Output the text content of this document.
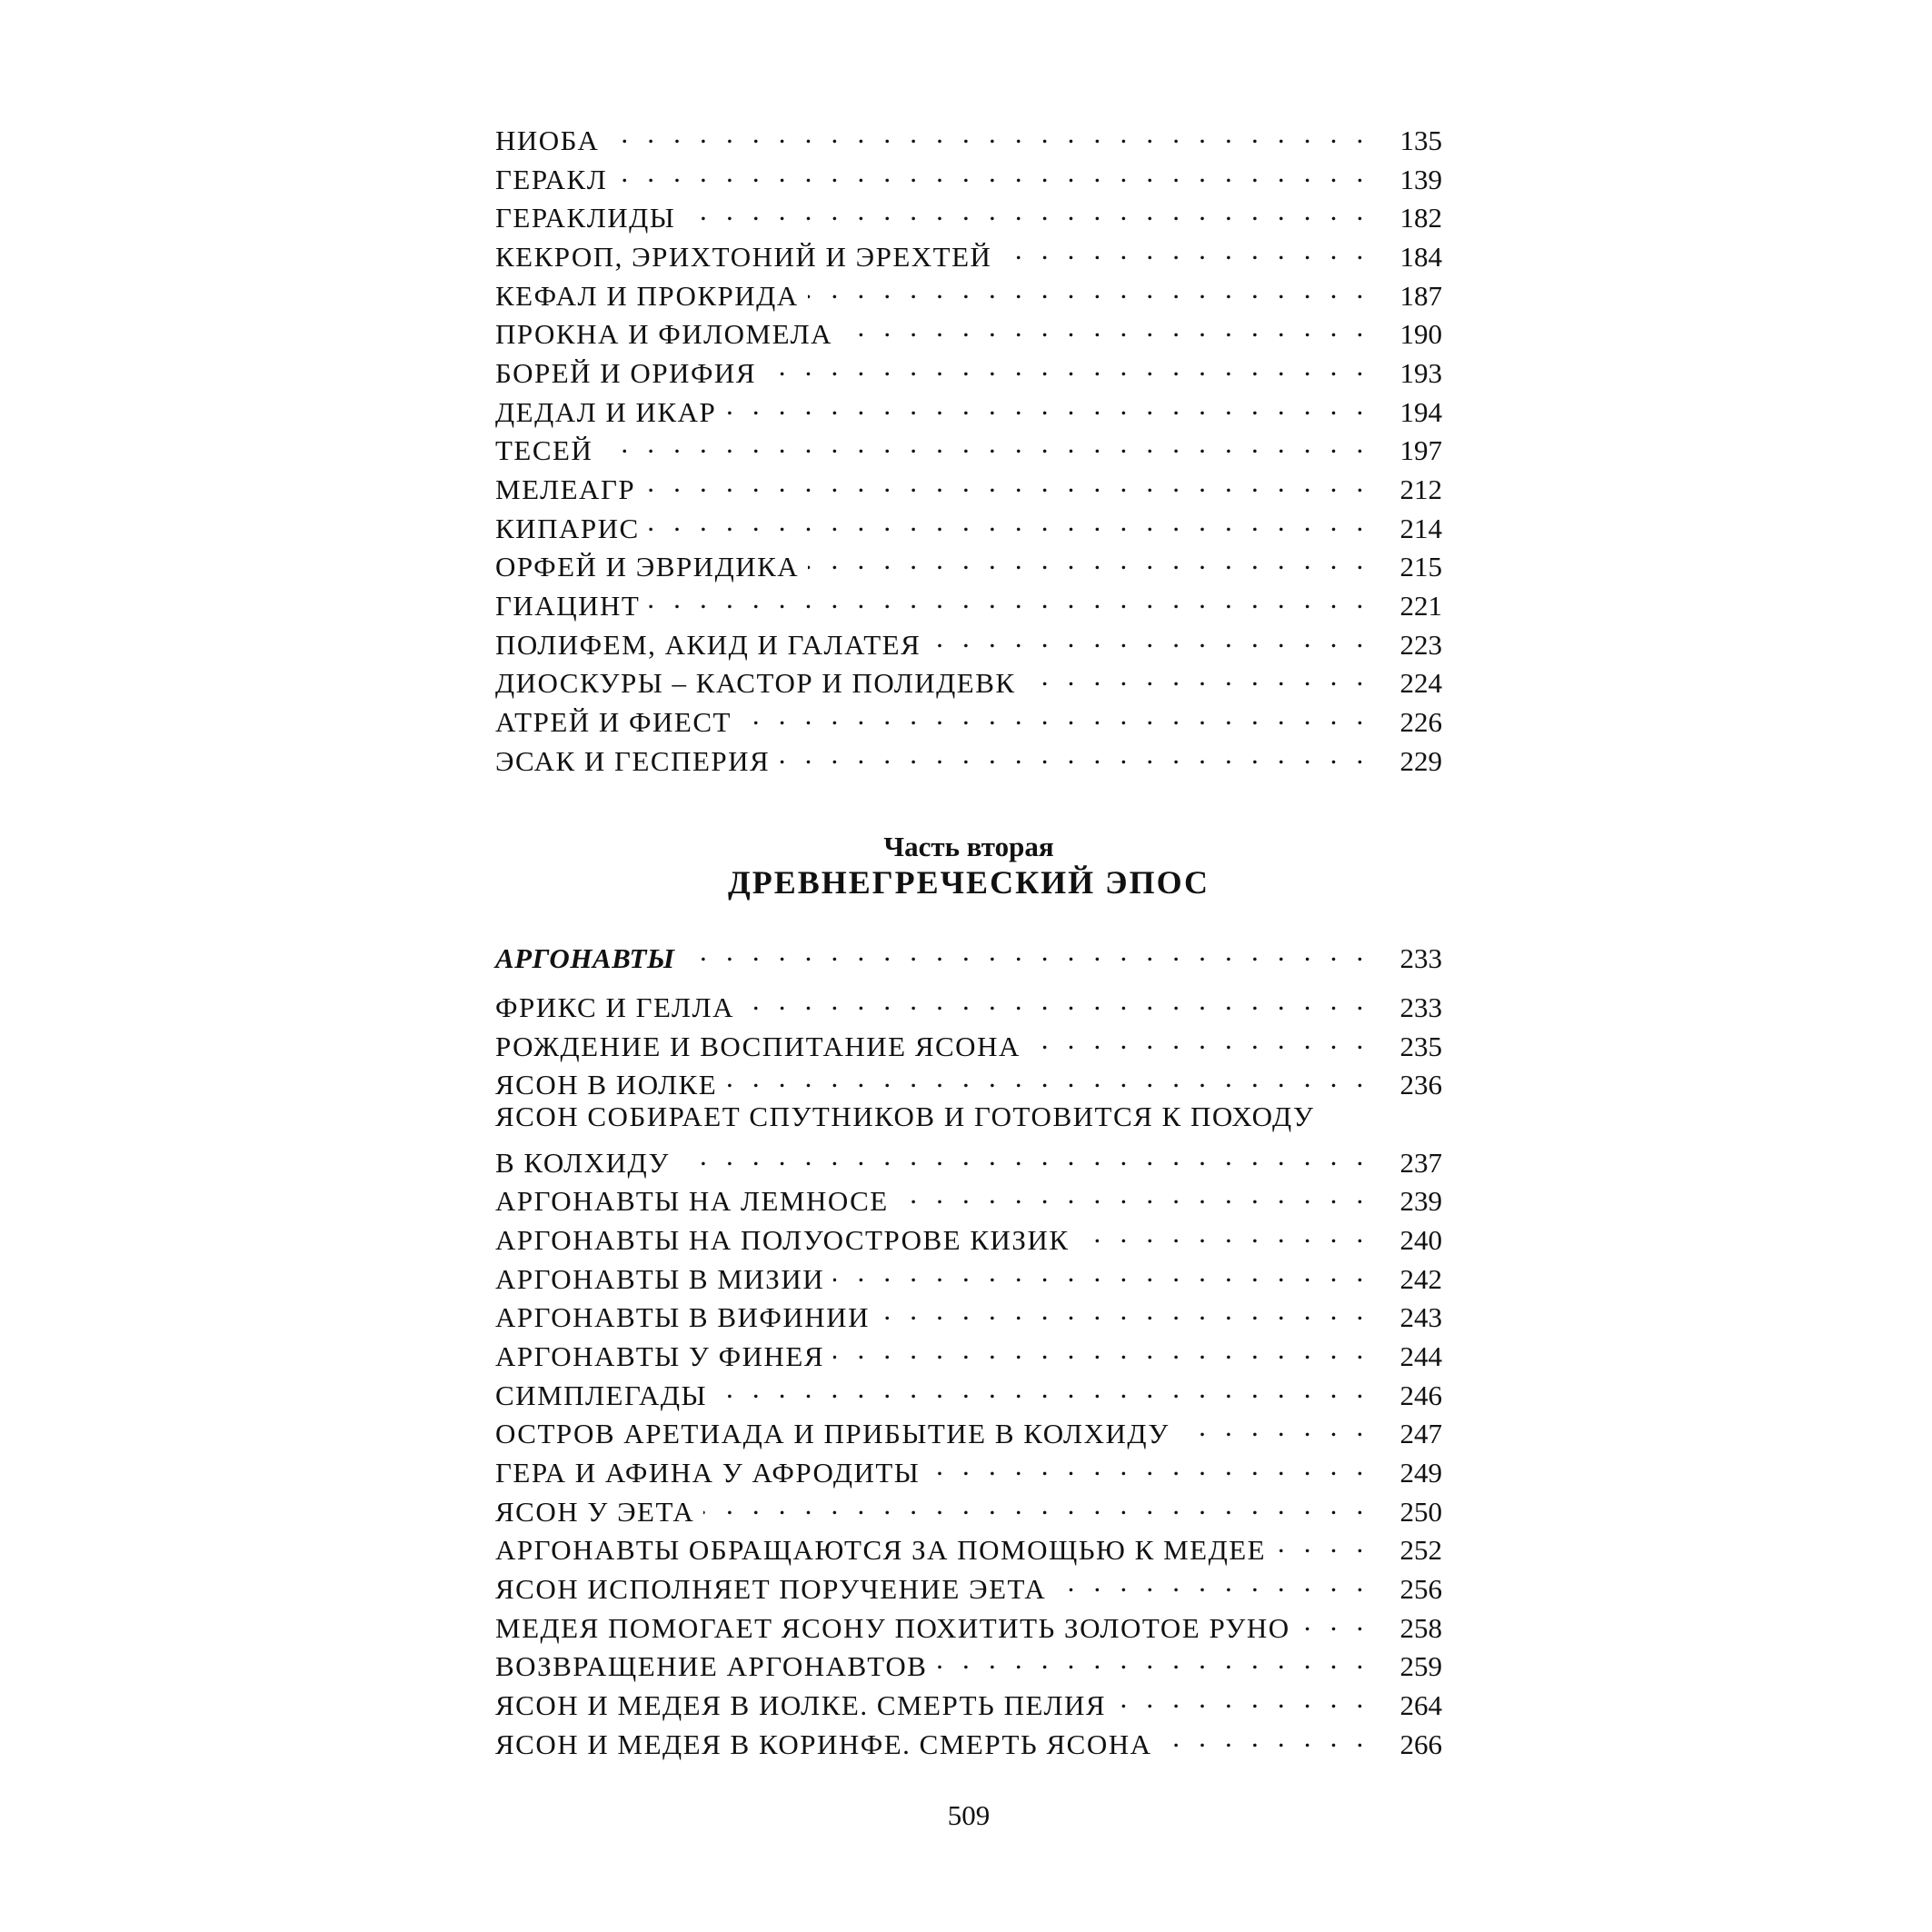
НИОБА . . .	135
ГЕРАКЛ . . .	139
ГЕРАКЛИДЫ . . .	182
КЕКРОП, ЭРИХТОНИЙ И ЭРЕХТЕЙ . . .	184
КЕФАЛ И ПРОКРИДА . . .	187
ПРОКНА И ФИЛОМЕЛА . . .	190
БОРЕЙ И ОРИФИЯ . . .	193
ДЕДАЛ И ИКАР . . .	194
ТЕСЕЙ . . .	197
МЕЛЕАГР . . .	212
КИПАРИС . . .	214
ОРФЕЙ И ЭВРИДИКА . . .	215
ГИАЦИНТ . . .	221
ПОЛИФЕМ, АКИД И ГАЛАТЕЯ . . .	223
ДИОСКУРЫ – КАСТОР И ПОЛИДЕВК . . .	224
АТРЕЙ И ФИЕСТ . . .	226
ЭСАК И ГЕСПЕРИЯ . . .	229
Часть вторая
ДРЕВНЕГРЕЧЕСКИЙ ЭПОС
АРГОНАВТЫ . . .	233
ФРИКС И ГЕЛЛА . . .	233
РОЖДЕНИЕ И ВОСПИТАНИЕ ЯСОНА . . .	235
ЯСОН В ИОЛКЕ . . .	236
ЯСОН СОБИРАЕТ СПУТНИКОВ И ГОТОВИТСЯ К ПОХОДУ
В КОЛХИДУ . . .	237
АРГОНАВТЫ НА ЛЕМНОСЕ . . .	239
АРГОНАВТЫ НА ПОЛУОСТРОВЕ КИЗИК . . .	240
АРГОНАВТЫ В МИЗИИ . . .	242
АРГОНАВТЫ В ВИФИНИИ . . .	243
АРГОНАВТЫ У ФИНЕЯ . . .	244
СИМПЛЕГАДЫ . . .	246
ОСТРОВ АРЕТИАДА И ПРИБЫТИЕ В КОЛХИДУ . . .	247
ГЕРА И АФИНА У АФРОДИТЫ . . .	249
ЯСОН У ЭЕТА . . .	250
АРГОНАВТЫ ОБРАЩАЮТСЯ ЗА ПОМОЩЬЮ К МЕДЕЕ . . .	252
ЯСОН ИСПОЛНЯЕТ ПОРУЧЕНИЕ ЭЕТА . . .	256
МЕДЕЯ ПОМОГАЕТ ЯСОНУ ПОХИТИТЬ ЗОЛОТОЕ РУНО . . .	258
ВОЗВРАЩЕНИЕ АРГОНАВТОВ . . .	259
ЯСОН И МЕДЕЯ В ИОЛКЕ. СМЕРТЬ ПЕЛИЯ . . .	264
ЯСОН И МЕДЕЯ В КОРИНФЕ. СМЕРТЬ ЯСОНА . . .	266
509
